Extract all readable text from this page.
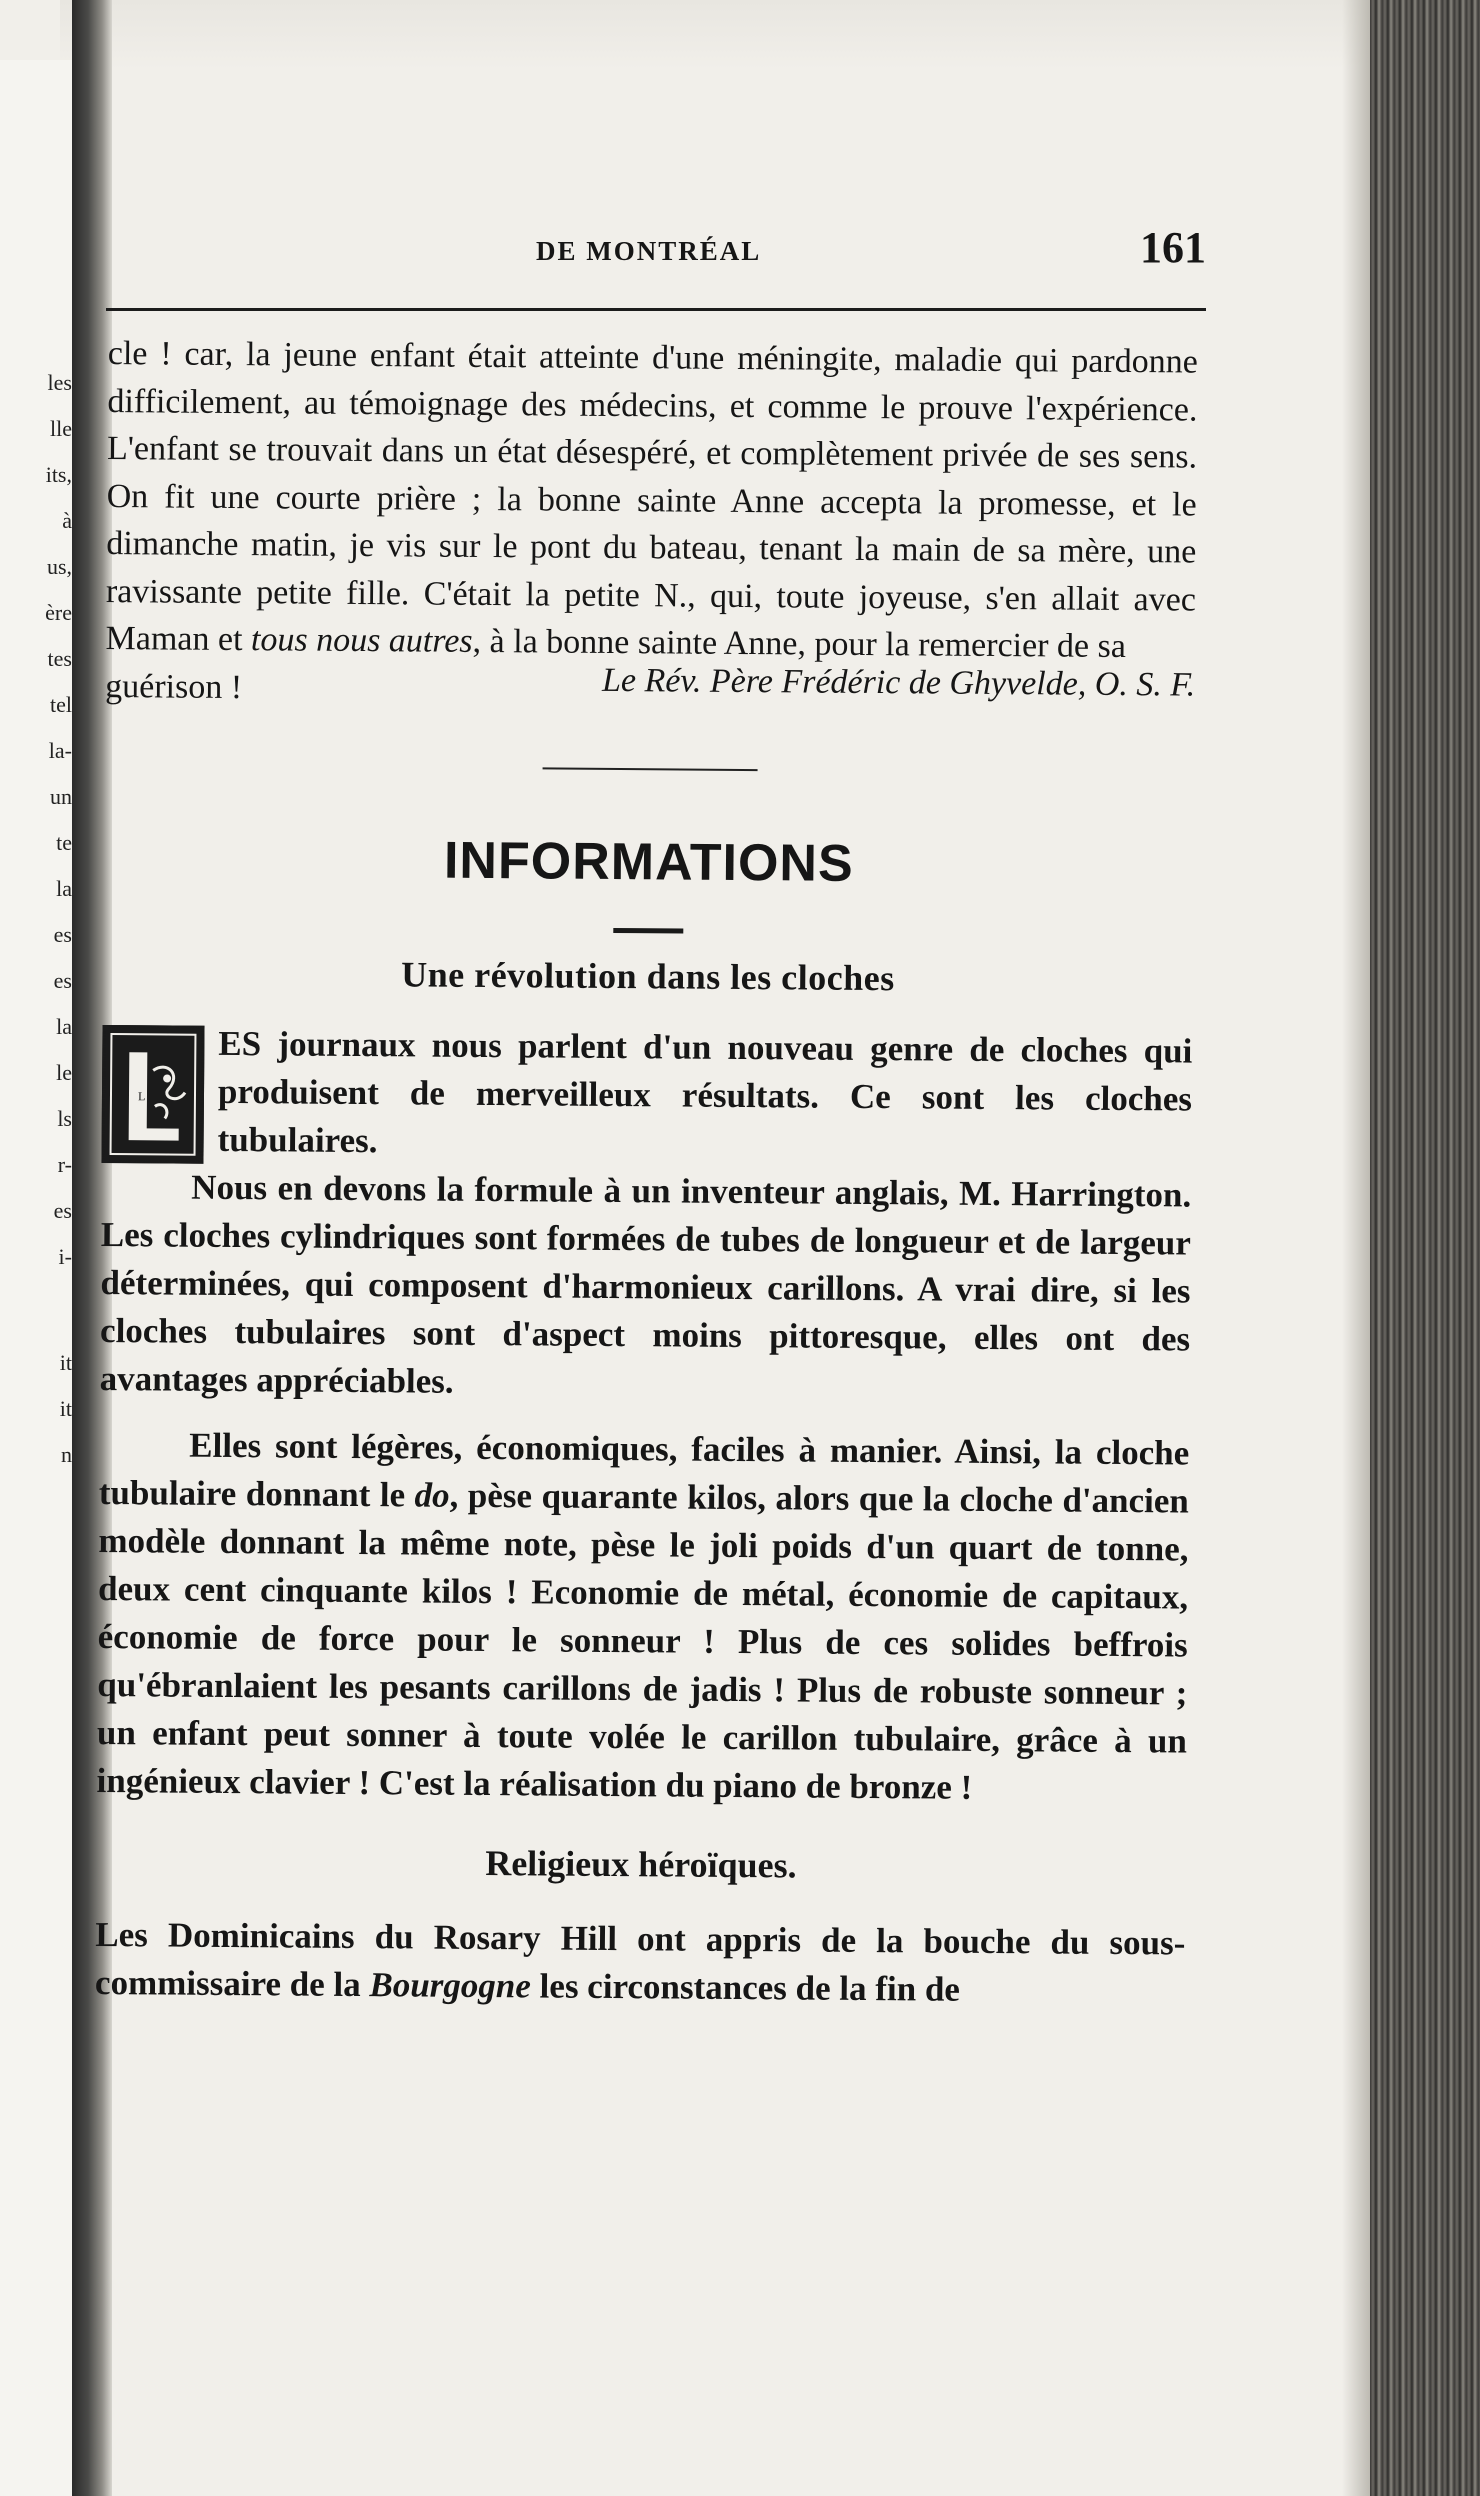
les
lle
its,
à
us,
ère
tes
tel
la-
un
te
la
es
es
la
le
ls
r-
es
i-
it
it
n
DE MONTRÉAL	161

cle ! car, la jeune enfant était atteinte d'une méningite, maladie qui pardonne difficilement, au témoignage des médecins, et comme le prouve l'expérience. L'enfant se trouvait dans un état désespéré, et complètement privée de ses sens. On fit une courte prière ; la bonne sainte Anne accepta la promesse, et le dimanche matin, je vis sur le pont du bateau, tenant la main de sa mère, une ravissante petite fille. C'était la petite N., qui, toute joyeuse, s'en allait avec Maman et tous nous autres, à la bonne sainte Anne, pour la remercier de sa

guérison !	Le Rév. Père Frédéric de Ghyvelde, O. S. F.
INFORMATIONS
Une révolution dans les cloches
L

ES journaux nous parlent d'un nouveau genre de cloches qui produisent de merveilleux résultats. Ce sont les cloches tubulaires.

Nous en devons la formule à un inventeur anglais, M. Harrington. Les cloches cylindriques sont formées de tubes de longueur et de largeur déterminées, qui composent d'harmonieux carillons. A vrai dire, si les cloches tubulaires sont d'aspect moins pittoresque, elles ont des avantages appréciables.

Elles sont légères, économiques, faciles à manier. Ainsi, la cloche tubulaire donnant le do, pèse quarante kilos, alors que la cloche d'ancien modèle donnant la même note, pèse le joli poids d'un quart de tonne, deux cent cinquante kilos ! Economie de métal, économie de capitaux, économie de force pour le sonneur ! Plus de ces solides beffrois qu'ébranlaient les pesants carillons de jadis ! Plus de robuste sonneur ; un enfant peut sonner à toute volée le carillon tubulaire, grâce à un ingénieux clavier ! C'est la réalisation du piano de bronze !

Religieux héroïques.

Les Dominicains du Rosary Hill ont appris de la bouche du sous-commissaire de la Bourgogne les circonstances de la fin de
